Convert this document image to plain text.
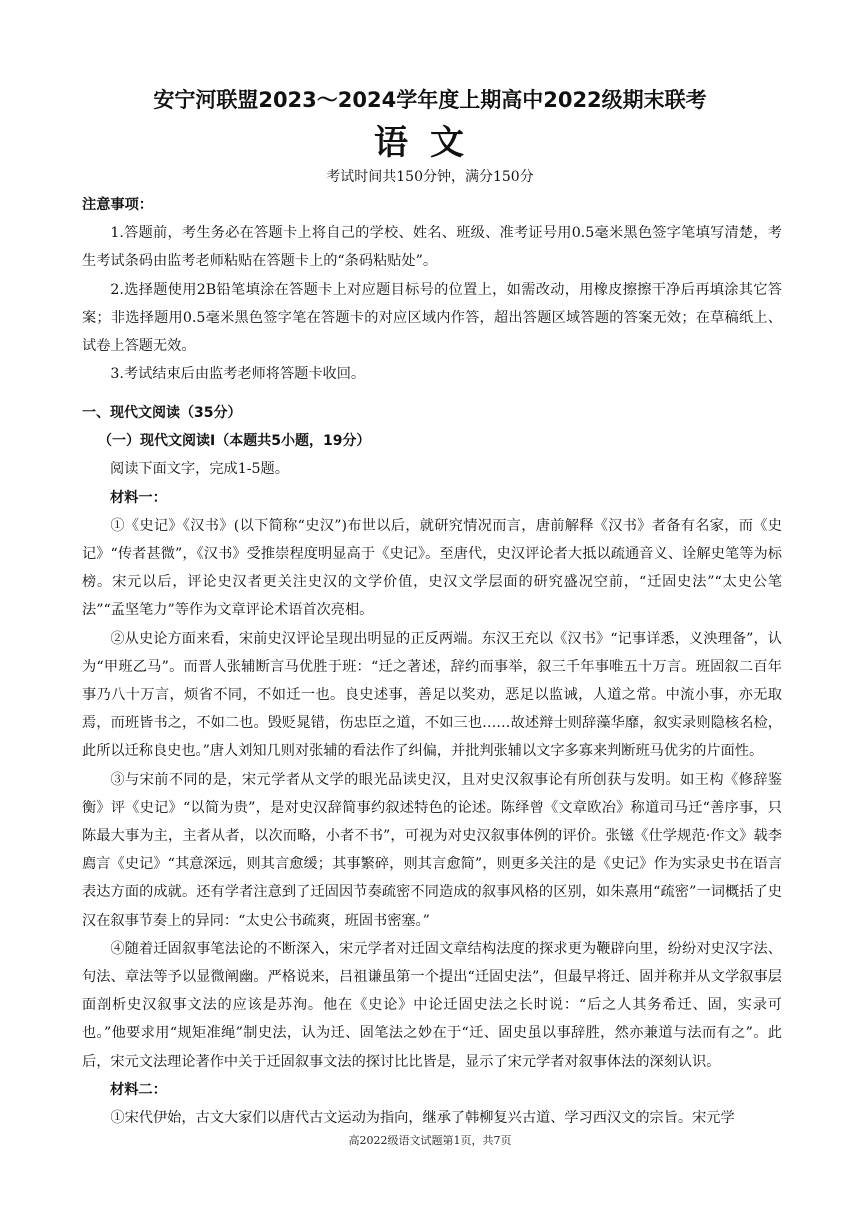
安宁河联盟2023～2024学年度上期高中2022级期末联考
语文
考试时间共150分钟，满分150分

注意事项：

1.答题前，考生务必在答题卡上将自己的学校、姓名、班级、准考证号用0.5毫米黑色签字笔填写清楚，考生考试条码由监考老师粘贴在答题卡上的“条码粘贴处”。

2.选择题使用2B铅笔填涂在答题卡上对应题目标号的位置上，如需改动，用橡皮擦擦干净后再填涂其它答案；非选择题用0.5毫米黑色签字笔在答题卡的对应区域内作答，超出答题区域答题的答案无效；在草稿纸上、试卷上答题无效。

3.考试结束后由监考老师将答题卡收回。

一、现代文阅读（35分）

（一）现代文阅读Ⅰ（本题共5小题，19分）

阅读下面文字，完成1-5题。

材料一：

①《史记》《汉书》(以下简称“史汉”)布世以后，就研究情况而言，唐前解释《汉书》者备有名家，而《史记》“传者甚微”，《汉书》受推崇程度明显高于《史记》。至唐代，史汉评论者大抵以疏通音义、诠解史笔等为标榜。宋元以后，评论史汉者更关注史汉的文学价值，史汉文学层面的研究盛况空前，“迁固史法”“太史公笔法”“孟坚笔力”等作为文章评论术语首次亮相。

②从史论方面来看，宋前史汉评论呈现出明显的正反两端。东汉王充以《汉书》“记事详悉，义泱理备”，认为“甲班乙马”。而晋人张辅断言马优胜于班：“迁之著述，辞约而事举，叙三千年事唯五十万言。班固叙二百年事乃八十万言，烦省不同，不如迁一也。良史述事，善足以奖劝，恶足以监诫，人道之常。中流小事，亦无取焉，而班皆书之，不如二也。毁贬晁错，伤忠臣之道，不如三也……故述辩士则辞藻华靡，叙实录则隐核名检，此所以迁称良史也。”唐人刘知几则对张辅的看法作了纠偏，并批判张辅以文字多寡来判断班马优劣的片面性。

③与宋前不同的是，宋元学者从文学的眼光品读史汉，且对史汉叙事论有所创获与发明。如王构《修辞鉴衡》评《史记》“以简为贵”，是对史汉辞简事约叙述特色的论述。陈绎曾《文章欧冶》称道司马迁“善序事，只陈最大事为主，主者从者，以次而略，小者不书”，可视为对史汉叙事体例的评价。张镃《仕学规范·作文》载李廌言《史记》“其意深远，则其言愈缓；其事繁碎，则其言愈简”，则更多关注的是《史记》作为实录史书在语言表达方面的成就。还有学者注意到了迁固因节奏疏密不同造成的叙事风格的区别，如朱熹用“疏密”一词概括了史汉在叙事节奏上的异同：“太史公书疏爽，班固书密塞。”

④随着迁固叙事笔法论的不断深入，宋元学者对迁固文章结构法度的探求更为鞭辟向里，纷纷对史汉字法、句法、章法等予以显微阐幽。严格说来，吕祖谦虽第一个提出“迁固史法”，但最早将迁、固并称并从文学叙事层面剖析史汉叙事文法的应该是苏洵。他在《史论》中论迁固史法之长时说：“后之人其务希迁、固，实录可也。”他要求用“规矩准绳”制史法，认为迁、固笔法之妙在于“迁、固史虽以事辞胜，然亦兼道与法而有之”。此后，宋元文法理论著作中关于迁固叙事文法的探讨比比皆是，显示了宋元学者对叙事体法的深刻认识。

材料二：

①宋代伊始，古文大家们以唐代古文运动为指向，继承了韩柳复兴古道、学习西汉文的宗旨。宋元学

高2022级语文试题第1页，共7页
